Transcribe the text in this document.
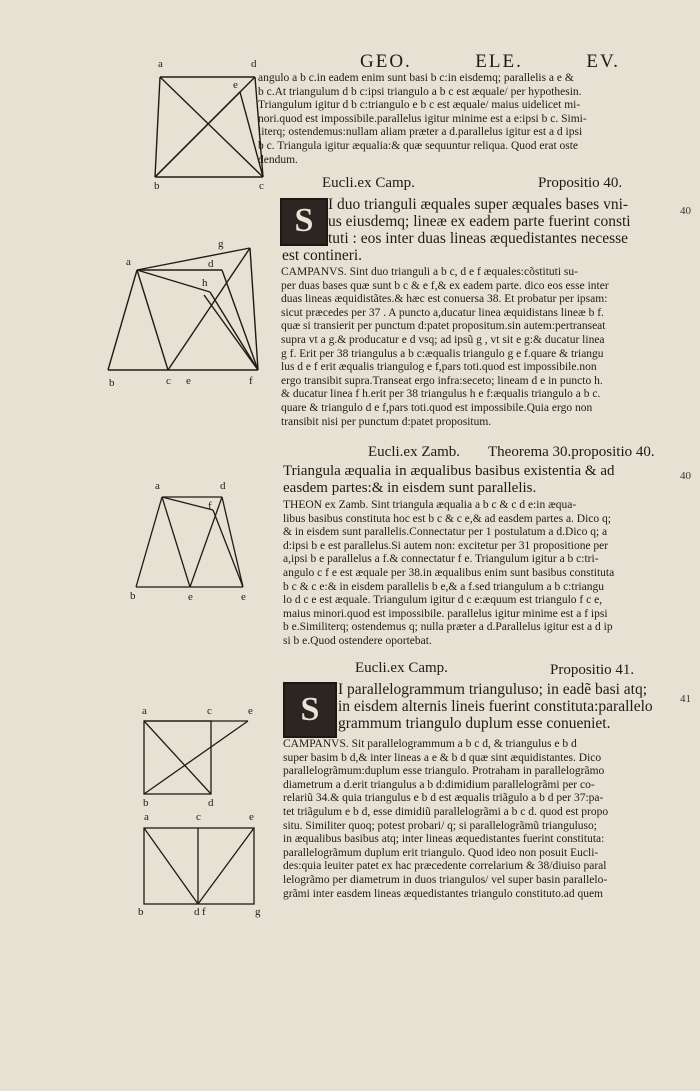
GEO.	ELE.	EV.
angulo a b c.in eadem enim sunt basi b c:in eisdemq; parallelis a e &
b c.At triangulum d b c:ipsi triangulo a b c est æquale/ per hypothesin.
Triangulum igitur d b c:triangulo e b c est æquale/ maius uidelicet mi-
nori.quod est impossibile.parallelus igitur minime est a e:ipsi b c. Simi-
literq; ostendemus:nullam aliam præter a d.parallelus igitur est a d ipsi
b c. Triangula igitur æqualia:& quæ sequuntur reliqua. Quod erat oste
dendum.
Eucli.ex Camp.	Propositio 40.
40
S I duo trianguli æquales super æquales bases vni-
us eiusdemq; lineæ ex eadem parte fuerint consti
tuti : eos inter duas lineas æquedistantes necesse
est contineri.
CAMPANVS. Sint duo trianguli a b c, d e f æquales:cõstituti su-
per duas bases quæ sunt b c & e f,& ex eadem parte. dico eos esse inter
duas lineas æquidistãtes.& hæc est conuersa 38. Et probatur per ipsam:
sicut præcedes per 37 . A puncto a,ducatur linea æquidistans lineæ b f.
quæ si transierit per punctum d:patet propositum.sin autem:pertranseat
supra vt a g.& producatur e d vsq; ad ipsũ g , vt sit e g:& ducatur linea
g f. Erit per 38 triangulus a b c:æqualis triangulo g e f.quare & triangu
lus d e f erit æqualis triangulog e f,pars toti.quod est impossibile.non
ergo transibit supra.Transeat ergo infra:seceto; lineam d e in puncto h.
& ducatur linea f h.erit per 38 triangulus h e f:æqualis triangulo a b c.
quare & triangulo d e f,pars toti.quod est impossibile.Quia ergo non
transibit nisi per punctum d:patet propositum.
Eucli.ex Zamb. Theorema 30.propositio 40.
40
Triangula æqualia in æqualibus basibus existentia & ad
easdem partes:& in eisdem sunt parallelis.
THEON ex Zamb. Sint triangula æqualia a b c & c d e:in æqua-
libus basibus constituta hoc est b c & c e,& ad easdem partes a. Dico q;
& in eisdem sunt parallelis.Connectatur per 1 postulatum a d.Dico q; a
d:ipsi b e est parallelus.Si autem non: excitetur per 31 propositione per
a,ipsi b e parallelus a f.& connectatur f e. Triangulum igitur a b c:tri-
angulo c f e est æquale per 38.in æqualibus enim sunt basibus constituta
b c & c e:& in eisdem parallelis b e,& a f.sed triangulum a b c:triangu
lo d c e est æquale. Triangulum igitur d c e:æquum est triangulo f c e,
maius minori.quod est impossibile. parallelus igitur minime est a f ipsi
b e.Similiterq; ostendemus q; nulla præter a d.Parallelus igitur est a d ip
si b e.Quod ostendere oportebat.
Eucli.ex Camp.	Propositio 41.
41
S
I parallelogrammum trianguluso; in eadẽ basi atq;
in eisdem alternis lineis fuerint constituta:parallelo
grammum triangulo duplum esse conueniet.
CAMPANVS. Sit parallelogrammum a b c d, & triangulus e b d
super basim b d,& inter lineas a e & b d quæ sint æquidistantes. Dico
parallelogrãmum:duplum esse triangulo. Protraham in parallelogrãmo
diametrum a d.erit triangulus a b d:dimidium parallelogrãmi per co-
relariũ 34.& quia triangulus e b d est æqualis triãgulo a b d per 37:pa-
tet triãgulum e b d, esse dimidiũ parallelogrãmi a b c d. quod est propo
situ. Similiter quoq; potest probari/ q; si parallelogrãmũ trianguluso;
in æqualibus basibus atq; inter lineas æquedistantes fuerint constituta:
parallelogrãmum duplum erit triangulo. Quod ideo non posuit Eucli-
des:quia leuiter patet ex hac præcedente correlarium & 38/diuiso paral
lelogrãmo per diametrum in duos triangulos/ vel super basin parallelo-
grãmi inter easdem lineas æquedistantes triangulo constituto.ad quem
a	d
e
b	c
g
a	d
h
b	c e	f
a	d
f
b	e	e
a	c	e
b	d
a	c	e
b	d f	g
